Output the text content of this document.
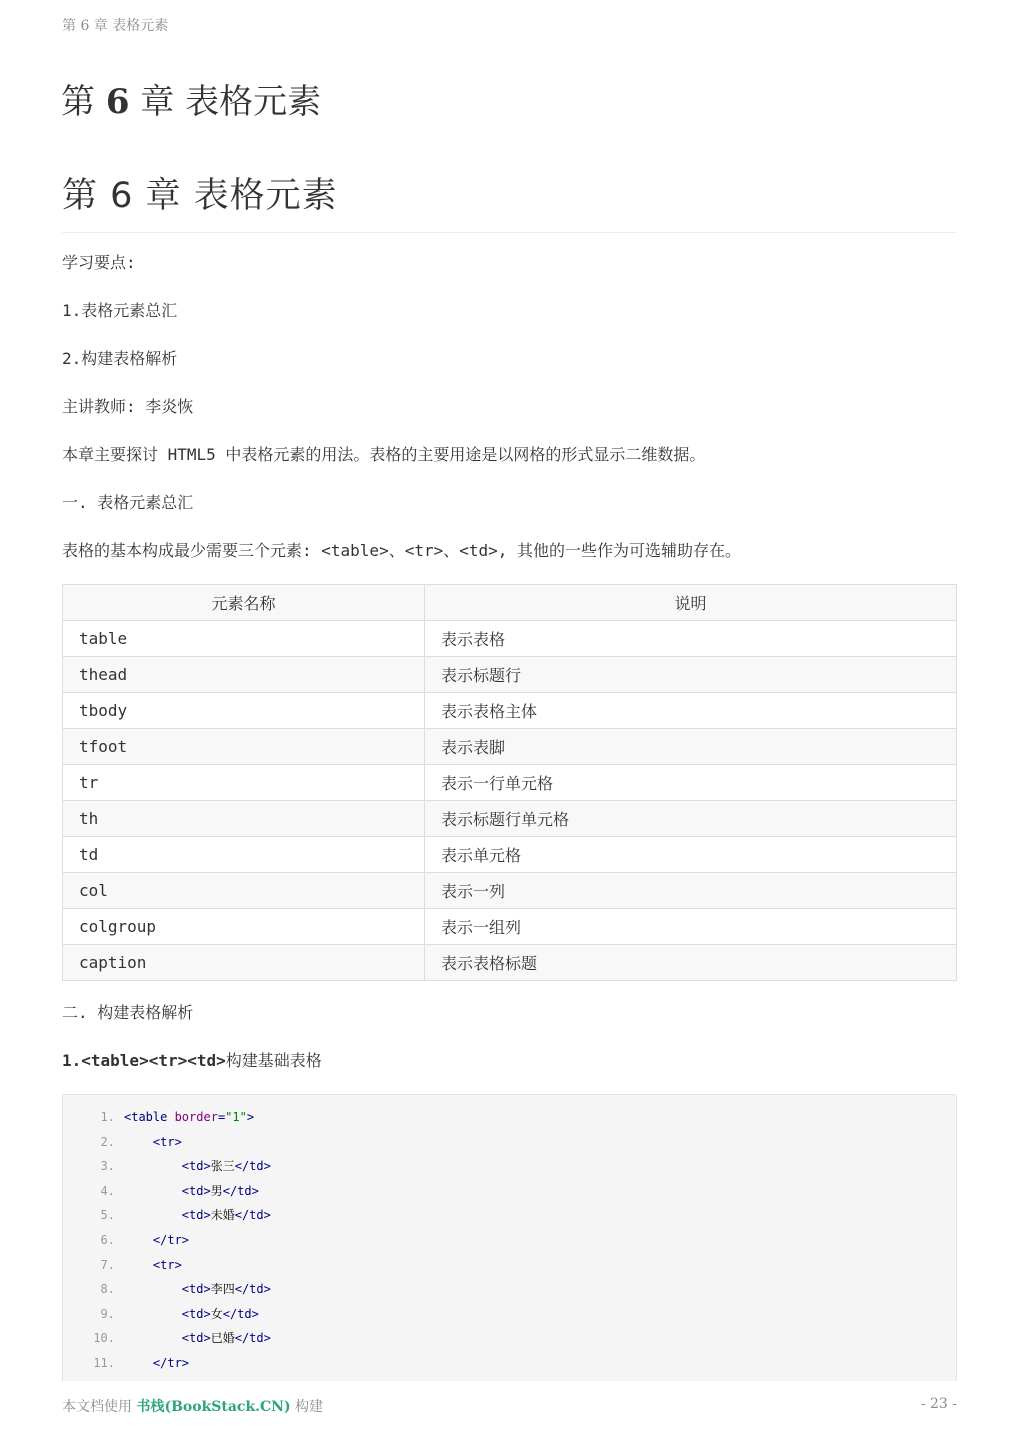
第 6 章 表格元素
第 6 章 表格元素
第 6 章 表格元素

学习要点:

1.表格元素总汇

2.构建表格解析

主讲教师: 李炎恢

本章主要探讨 HTML5 中表格元素的用法。表格的主要用途是以网格的形式显示二维数据。

一. 表格元素总汇

表格的基本构成最少需要三个元素: <table>、<tr>、<td>, 其他的一些作为可选辅助存在。

元素名称	说明
table	表示表格
thead	表示标题行
tbody	表示表格主体
tfoot	表示表脚
tr	表示一行单元格
th	表示标题行单元格
td	表示单元格
col	表示一列
colgroup	表示一组列
caption	表示表格标题

二. 构建表格解析

1.<table><tr><td>构建基础表格

1. <table border="1">
2.	<tr>
3.	<td>张三</td>
4.	<td>男</td>
5.	<td>未婚</td>
6.	</tr>
7.	<tr>
8.	<td>李四</td>
9.	<td>女</td>
10.	<td>已婚</td>
11.	</tr>
本文档使用 书栈(BookStack.CN) 构建	- 23 -
